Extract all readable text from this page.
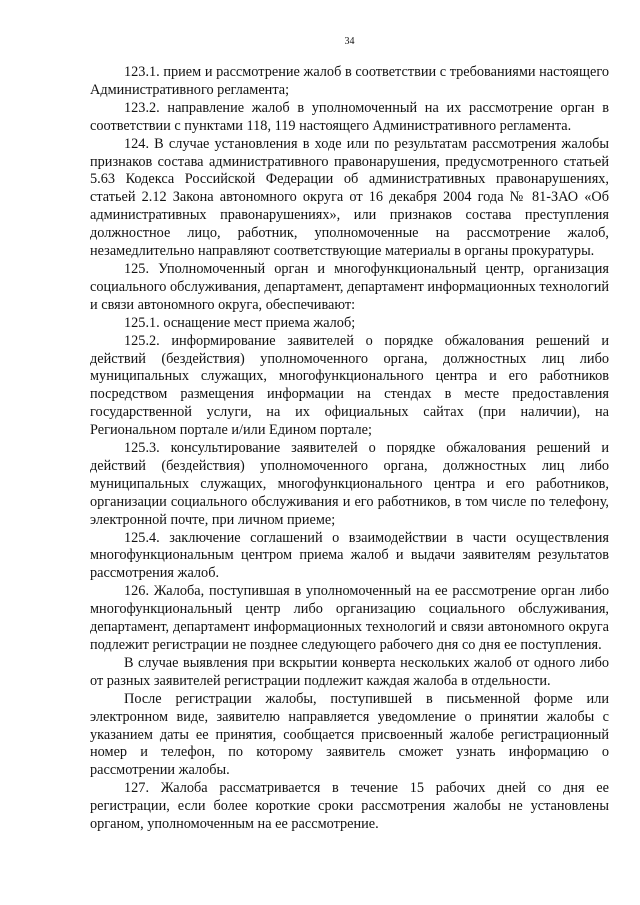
34

123.1. прием и рассмотрение жалоб в соответствии с требованиями настоящего Административного регламента;

123.2. направление жалоб в уполномоченный на их рассмотрение орган в соответствии с пунктами 118, 119 настоящего Административного регламента.

124. В случае установления в ходе или по результатам рассмотрения жалобы признаков состава административного правонарушения, предусмотренного статьей 5.63 Кодекса Российской Федерации об административных правонарушениях, статьей 2.12 Закона автономного округа от 16 декабря 2004 года № 81-ЗАО «Об административных правонарушениях», или признаков состава преступления должностное лицо, работник, уполномоченные на рассмотрение жалоб, незамедлительно направляют соответствующие материалы в органы прокуратуры.

125. Уполномоченный орган и многофункциональный центр, организация социального обслуживания, департамент, департамент информационных технологий и связи автономного округа, обеспечивают:

125.1. оснащение мест приема жалоб;

125.2. информирование заявителей о порядке обжалования решений и действий (бездействия) уполномоченного органа, должностных лиц либо муниципальных служащих, многофункционального центра и его работников посредством размещения информации на стендах в месте предоставления государственной услуги, на их официальных сайтах (при наличии), на Региональном портале и/или Едином портале;

125.3. консультирование заявителей о порядке обжалования решений и действий (бездействия) уполномоченного органа, должностных лиц либо муниципальных служащих, многофункционального центра и его работников, организации социального обслуживания и его работников, в том числе по телефону, электронной почте, при личном приеме;

125.4. заключение соглашений о взаимодействии в части осуществления многофункциональным центром приема жалоб и выдачи заявителям результатов рассмотрения жалоб.

126. Жалоба, поступившая в уполномоченный на ее рассмотрение орган либо многофункциональный центр либо организацию социального обслуживания, департамент, департамент информационных технологий и связи автономного округа подлежит регистрации не позднее следующего рабочего дня со дня ее поступления.

В случае выявления при вскрытии конверта нескольких жалоб от одного либо от разных заявителей регистрации подлежит каждая жалоба в отдельности.

После регистрации жалобы, поступившей в письменной форме или электронном виде, заявителю направляется уведомление о принятии жалобы с указанием даты ее принятия, сообщается присвоенный жалобе регистрационный номер и телефон, по которому заявитель сможет узнать информацию о рассмотрении жалобы.

127. Жалоба рассматривается в течение 15 рабочих дней со дня ее регистрации, если более короткие сроки рассмотрения жалобы не установлены органом, уполномоченным на ее рассмотрение.
